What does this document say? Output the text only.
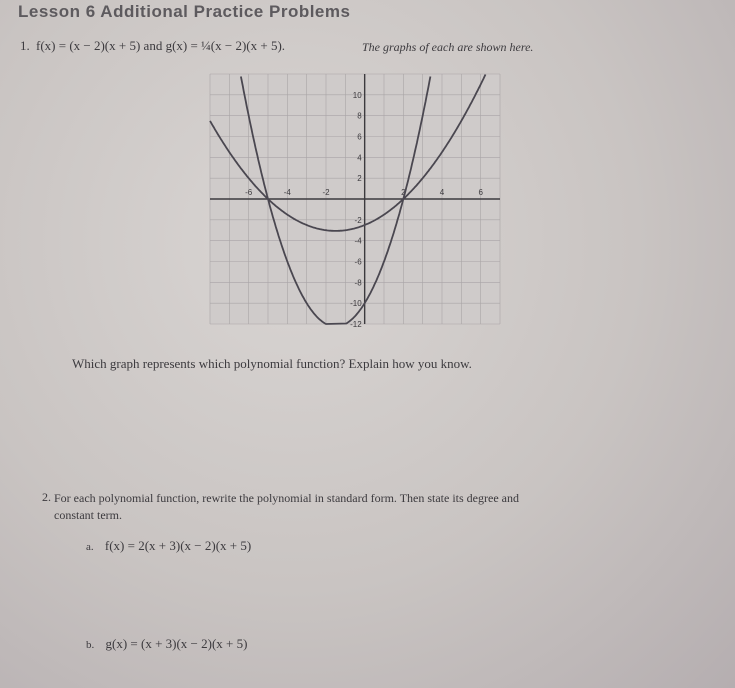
Lesson 6 Additional Practice Problems
1. f(x) = (x − 2)(x + 5) and g(x) = ¼(x − 2)(x + 5).	The graphs of each are shown here.
-6	-4	-2	2	4	6
10
8
6
4
2
-2
-4
-6
-8
-10
-12
Which graph represents which polynomial function? Explain how you know.
2. For each polynomial function, rewrite the polynomial in standard form. Then state its degree and constant term.
a. f(x) = 2(x + 3)(x − 2)(x + 5)
b. g(x) = (x + 3)(x − 2)(x + 5)
